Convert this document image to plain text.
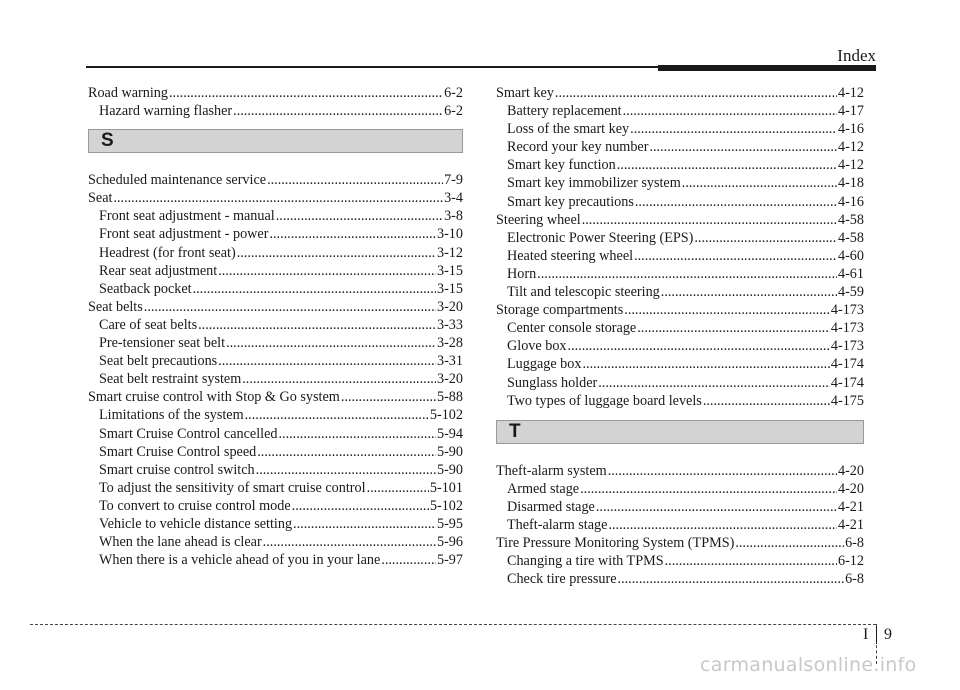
Index
Road warning .....	6-2
Hazard warning flasher .....	6-2
S
Scheduled maintenance service .....	7-9
Seat .....	3-4
Front seat adjustment - manual .....	3-8
Front seat adjustment - power .....	3-10
Headrest (for front seat) .....	3-12
Rear seat adjustment .....	3-15
Seatback pocket .....	3-15
Seat belts .....	3-20
Care of seat belts .....	3-33
Pre-tensioner seat belt .....	3-28
Seat belt precautions .....	3-31
Seat belt restraint system .....	3-20
Smart cruise control with Stop & Go system .....	5-88
Limitations of the system .....	5-102
Smart Cruise Control cancelled .....	5-94
Smart Cruise Control speed .....	5-90
Smart cruise control switch .....	5-90
To adjust the sensitivity of smart cruise control .....	5-101
To convert to cruise control mode .....	5-102
Vehicle to vehicle distance setting .....	5-95
When the lane ahead is clear .....	5-96
When there is a vehicle ahead of you in your lane .....	5-97
Smart key .....	4-12
Battery replacement .....	4-17
Loss of the smart key .....	4-16
Record your key number .....	4-12
Smart key function .....	4-12
Smart key immobilizer system .....	4-18
Smart key precautions .....	4-16
Steering wheel .....	4-58
Electronic Power Steering (EPS) .....	4-58
Heated steering wheel .....	4-60
Horn .....	4-61
Tilt and telescopic steering .....	4-59
Storage compartments .....	4-173
Center console storage .....	4-173
Glove box .....	4-173
Luggage box .....	4-174
Sunglass holder .....	4-174
Two types of luggage board levels .....	4-175
T
Theft-alarm system .....	4-20
Armed stage .....	4-20
Disarmed stage .....	4-21
Theft-alarm stage .....	4-21
Tire Pressure Monitoring System (TPMS) .....	6-8
Changing a tire with TPMS .....	6-12
Check tire pressure .....	6-8
I 9
carmanualsonline.info
